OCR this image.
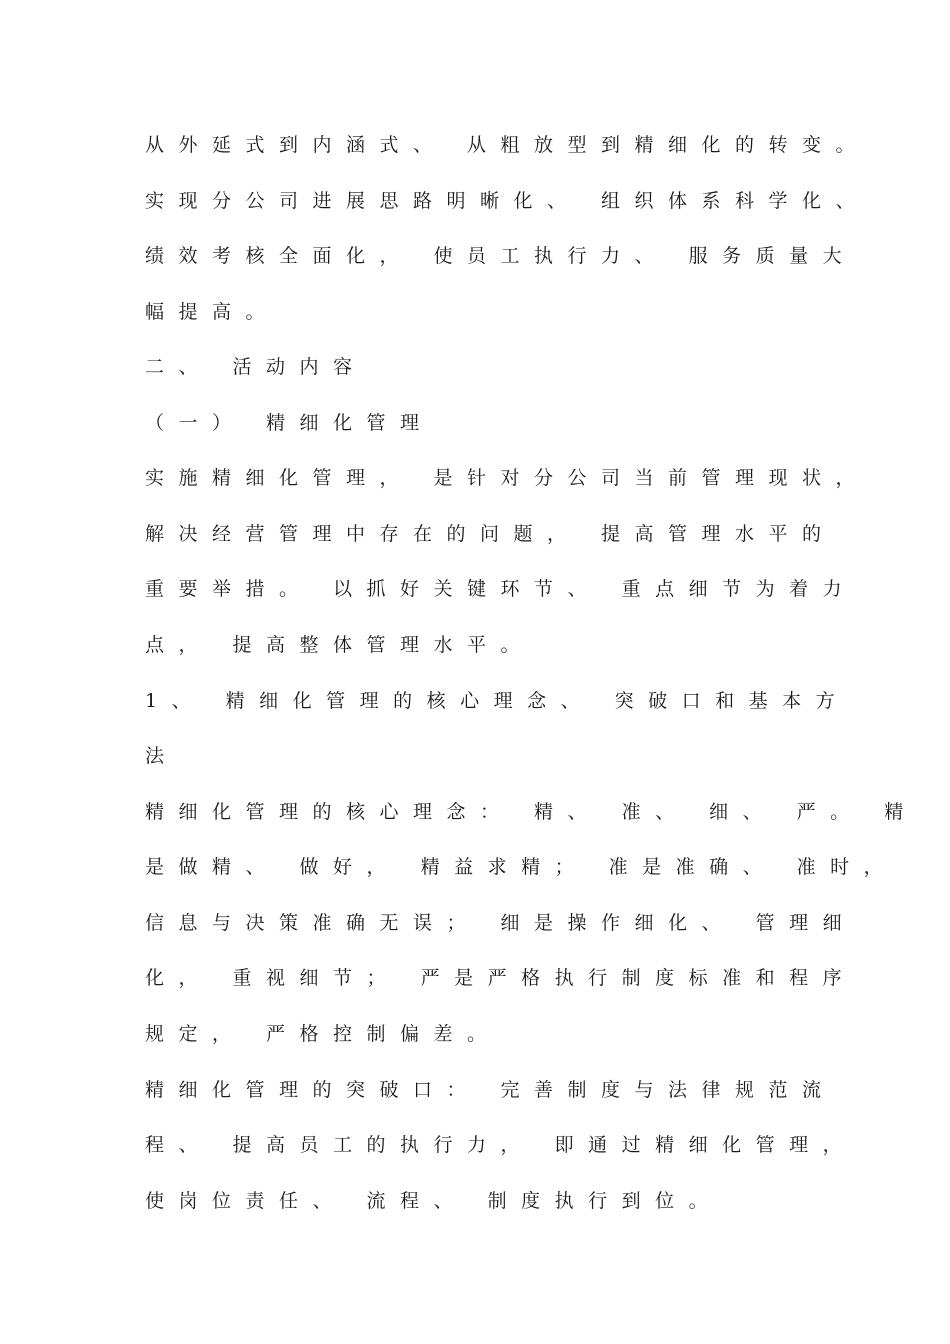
从外延式到内涵式、 从粗放型到精细化的转变。
实现分公司进展思路明晰化、 组织体系科学化、
绩效考核全面化， 使员工执行力、 服务质量大
幅提高。
二、 活动内容
（一） 精细化管理
实施精细化管理， 是针对分公司当前管理现状，
解决经营管理中存在的问题， 提高管理水平的
重要举措。 以抓好关键环节、 重点细节为着力
点， 提高整体管理水平。
1、 精细化管理的核心理念、 突破口和基本方
法
精细化管理的核心理念： 精、 准、 细、 严。 精
是做精、 做好， 精益求精； 准是准确、 准时，
信息与决策准确无误； 细是操作细化、 管理细
化， 重视细节； 严是严格执行制度标准和程序
规定， 严格控制偏差。
精细化管理的突破口： 完善制度与法律规范流
程、 提高员工的执行力， 即通过精细化管理，
使岗位责任、 流程、 制度执行到位。
